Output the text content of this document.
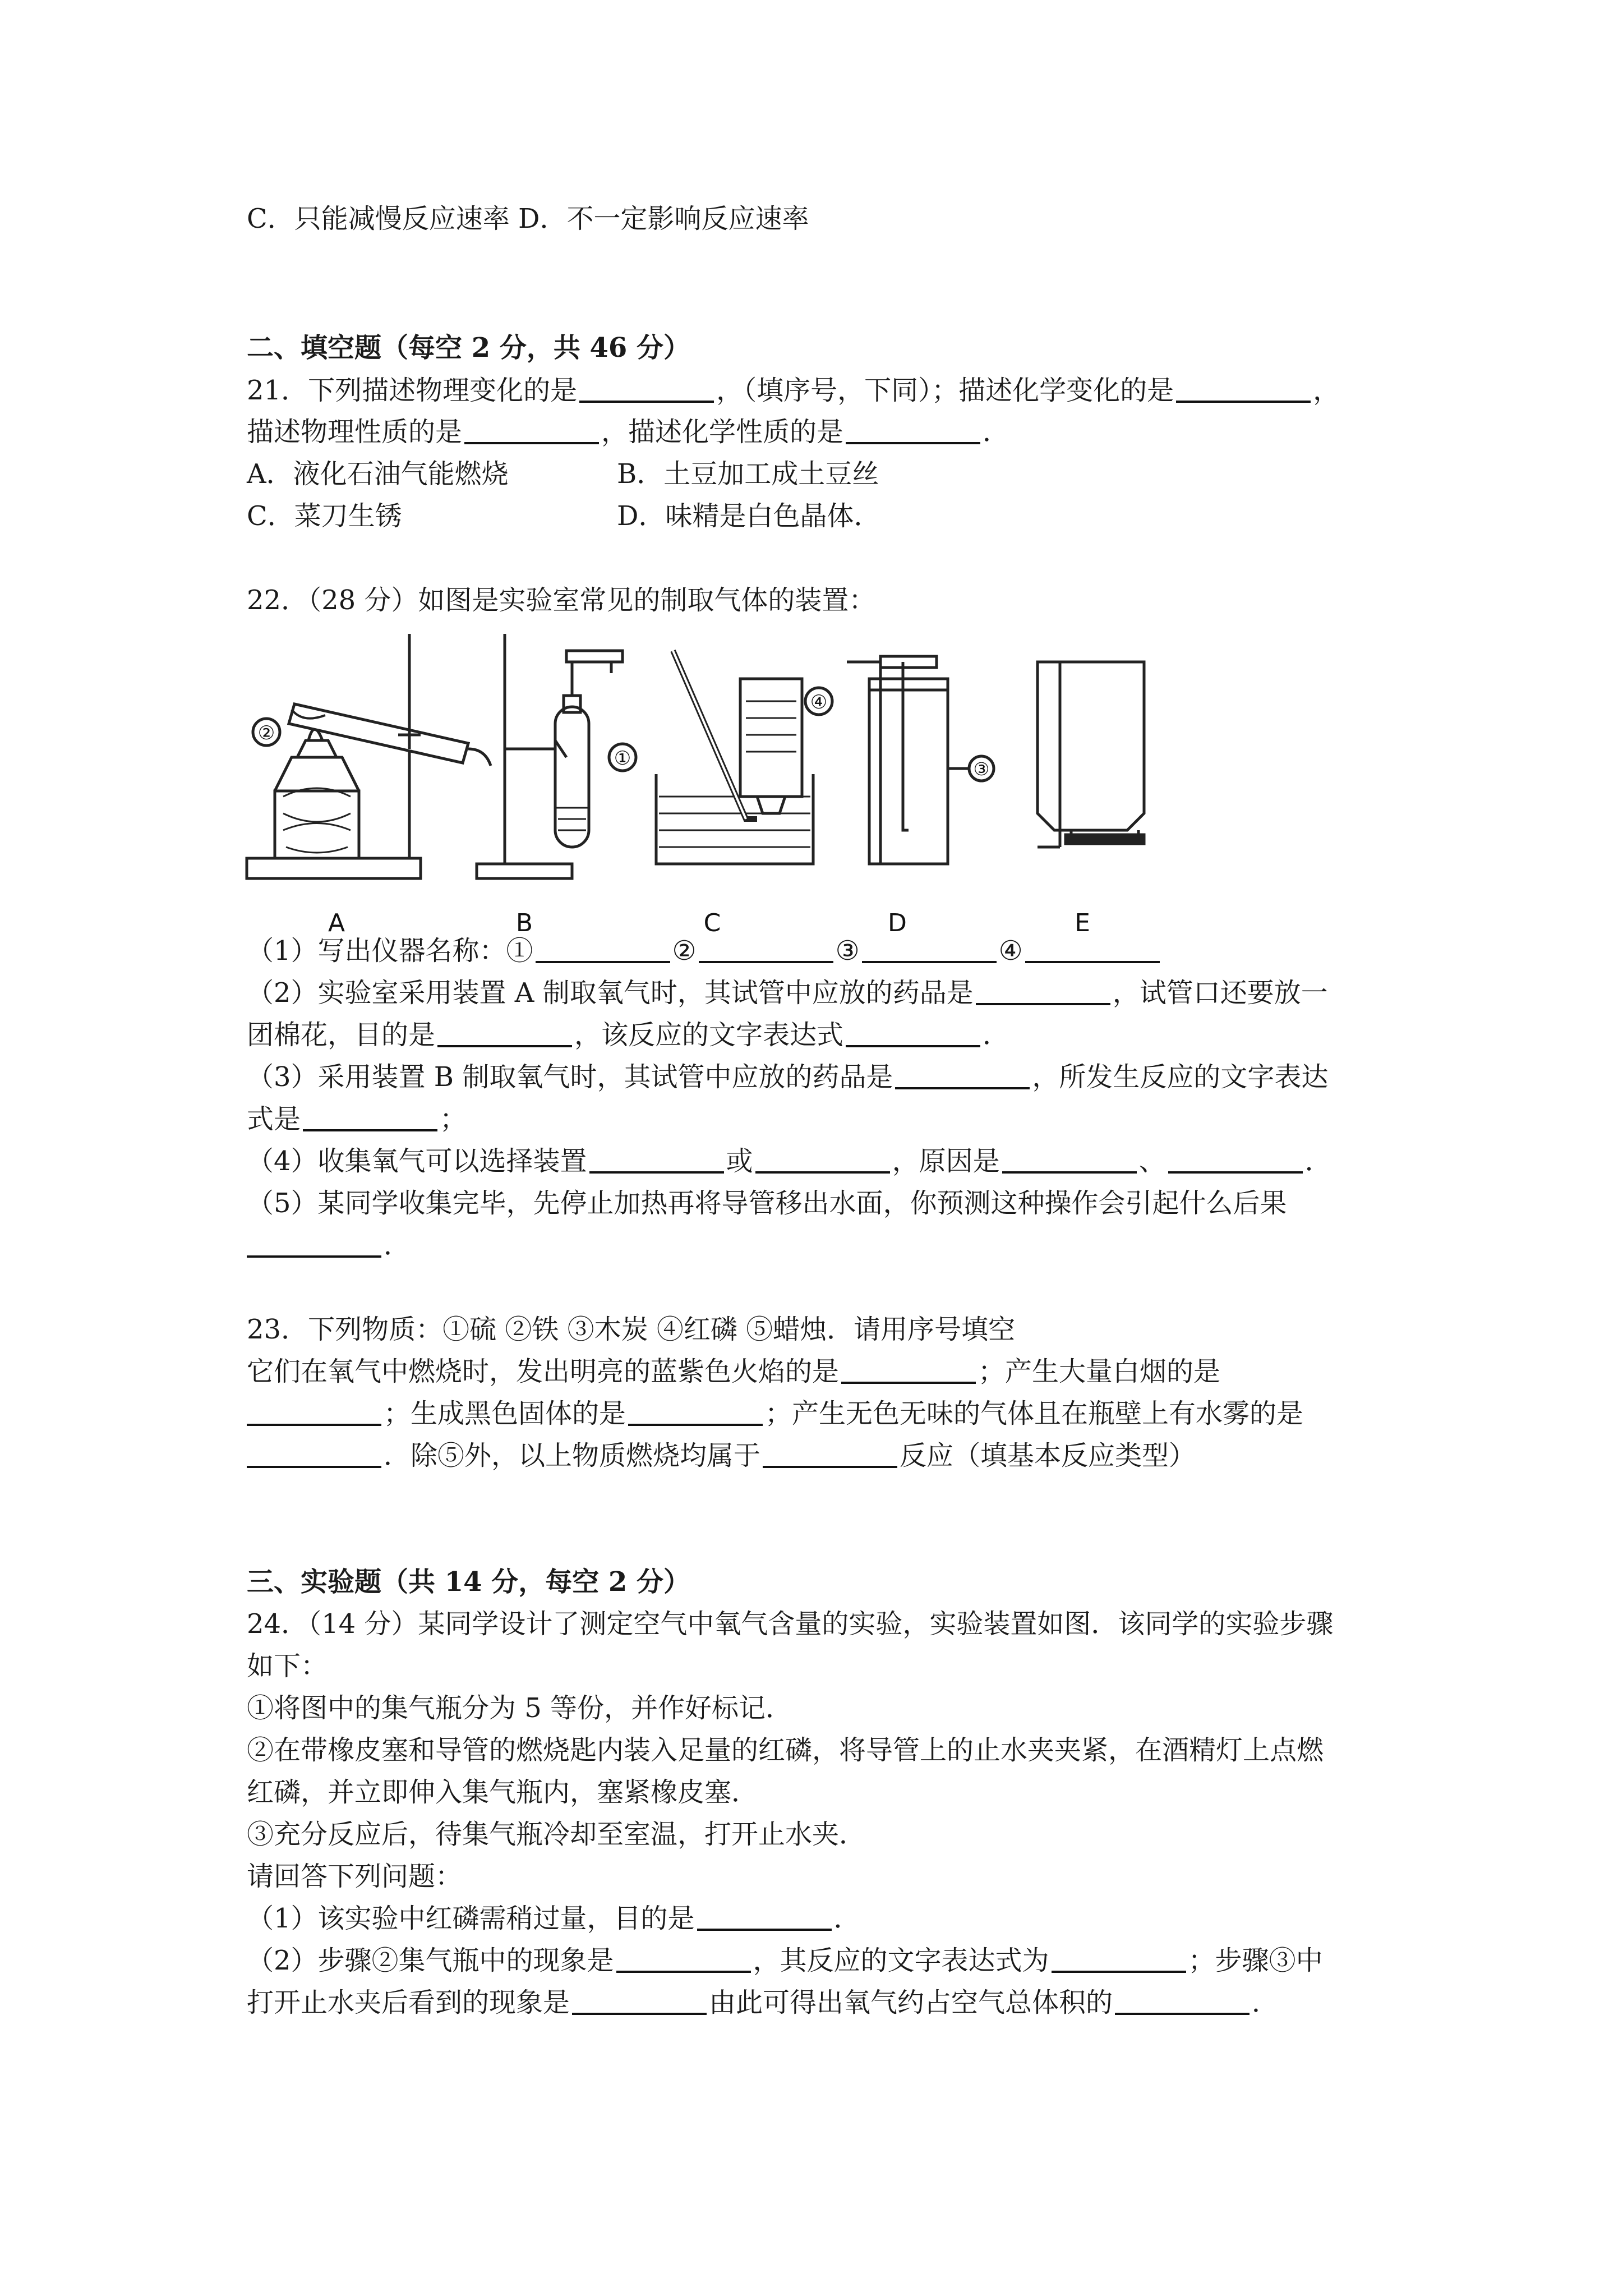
C．只能减慢反应速率 D．不一定影响反应速率
二、填空题（每空 2 分，共 46 分）
21．下列描述物理变化的是	，（填序号，下同）；描述化学变化的是	，
描述物理性质的是	，描述化学性质的是	．
A．液化石油气能燃烧	B．土豆加工成土豆丝
C．菜刀生锈	D．味精是白色晶体．
22．（28 分）如图是实验室常见的制取气体的装置：
②
①
④
③
A	B	C	D	E
（1）写出仪器名称：①	②	③	④
（2）实验室采用装置 A 制取氧气时，其试管中应放的药品是	，试管口还要放一
团棉花，目的是	，该反应的文字表达式	．
（3）采用装置 B 制取氧气时，其试管中应放的药品是	，所发生反应的文字表达
式是	；
（4）收集氧气可以选择装置	或	，原因是	、	．
（5）某同学收集完毕，先停止加热再将导管移出水面，你预测这种操作会引起什么后果
．
23．下列物质：①硫 ②铁 ③木炭 ④红磷 ⑤蜡烛．请用序号填空
它们在氧气中燃烧时，发出明亮的蓝紫色火焰的是	；产生大量白烟的是
；生成黑色固体的是	；产生无色无味的气体且在瓶壁上有水雾的是
．除⑤外，以上物质燃烧均属于	反应（填基本反应类型）
三、实验题（共 14 分，每空 2 分）
24．（14 分）某同学设计了测定空气中氧气含量的实验，实验装置如图．该同学的实验步骤
如下：
①将图中的集气瓶分为 5 等份，并作好标记．
②在带橡皮塞和导管的燃烧匙内装入足量的红磷，将导管上的止水夹夹紧，在酒精灯上点燃
红磷，并立即伸入集气瓶内，塞紧橡皮塞．
③充分反应后，待集气瓶冷却至室温，打开止水夹．
请回答下列问题：
（1）该实验中红磷需稍过量，目的是	．
（2）步骤②集气瓶中的现象是	，其反应的文字表达式为	；步骤③中
打开止水夹后看到的现象是	由此可得出氧气约占空气总体积的	．
